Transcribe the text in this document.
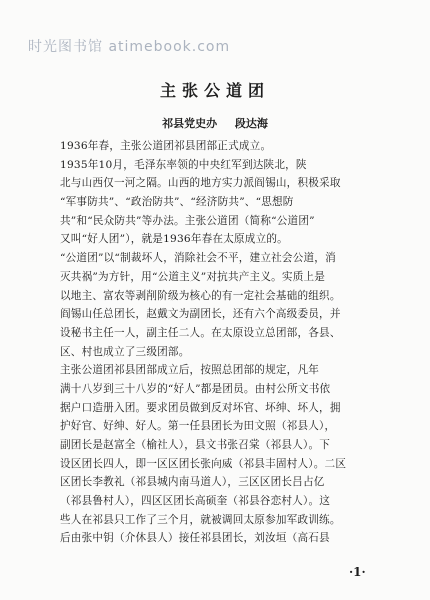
时光图书馆 atimebook.com
主张公道团
祁县党史办 段达海
1936年春，主张公道团祁县团部正式成立。
1935年10月，毛泽东率领的中央红军到达陕北，陕
北与山西仅一河之隔。山西的地方实力派阎锡山，积极采取
“军事防共”、“政治防共”、“经济防共”、“思想防
共”和“民众防共”等办法。主张公道团（简称“公道团”
又叫“好人团”），就是1936年春在太原成立的。
“公道团”以“制裁坏人，消除社会不平，建立社会公道，消
灭共祸”为方针，用“公道主义”对抗共产主义。实质上是
以地主、富农等剥削阶级为核心的有一定社会基础的组织。
阎锡山任总团长，赵戴文为副团长，还有六个高级委员，并
设秘书主任一人，副主任二人。在太原设立总团部，各县、
区、村也成立了三级团部。
主张公道团祁县团部成立后，按照总团部的规定，凡年
满十八岁到三十八岁的“好人”都是团员。由村公所文书依
据户口造册入团。要求团员做到反对坏官、坏绅、坏人，拥
护好官、好绅、好人。第一任县团长为田文照（祁县人），
副团长是赵富全（榆社人），县文书张召棠（祁县人）。下
设区团长四人，即一区区团长张向威（祁县丰固村人）。二区
区团长李教礼（祁县城内南马道人），三区区团长吕占亿
（祁县鲁村人），四区区团长高硕奎（祁县谷恋村人）。这
些人在祁县只工作了三个月，就被调回太原参加军政训练。
后由张中钥（介休县人）接任祁县团长，刘汝垣（高石县
·1·
